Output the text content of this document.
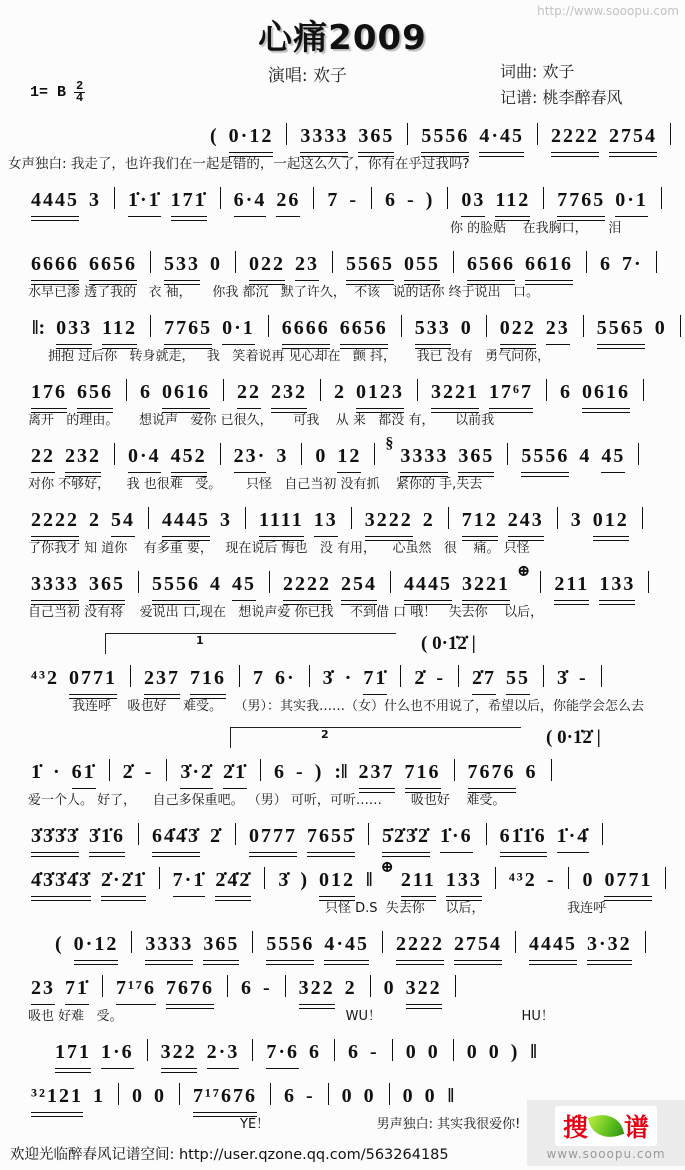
http://www.sooopu.com
心痛2009
演唱: 欢子	词曲: 欢子
记谱: 桃李醉春风
1= B $\frac{2}{4}$
( 0·12 3333 365 5556 4·45 2222 2754
女声独白: 我走了，也许我们在一起是错的，一起这么久了，你有在乎过我吗?
4445 3 1̇·1̇ 171̇ 6·4 26 7 - 6 - ) 03 112 7765 0·1
你 的脸贴    在我胸口，     泪
6666 6656 533 0 022 23 5565 055 6566 6616 6 7·
水早已渗 透了我的   衣 袖，     你我 都沉   默了许久，  不该   说的话你 终于说出   口。
‖: 033 112 7765 0·1 6666 6656 533 0 022 23 5565 0
拥抱 过后你   转身就走，   我   笑着说再 见心却在   颤 抖，     我已 没有   勇气问你，
176 656 6 0616 22 232 2 0123 3221 17⁶7 6 0616
离开   的理由。     想说声   爱你 已很久，     可我    从 来   都没 有，     以前我
22 232 0·4 452 23· 3 0 12§3333 365 5556 4 45
对你 不够好，    我 也很难   受。      只怪   自己当初 没有抓    紧你的 手,失去
2222 2 54 4445 3 1111 13 3222 2 712 243 3 012
了你我才 知 道你    有多重 要，   现在说后 悔也   没 有用，    心虽然   很    痛。 只怪
3333 365 5556 4 45 2222 254 4445 3221⊕211 133
自己当初 没有将    爱说出 口,现在   想说声爱 你已找    不到借 口 哦！   失去你    以后，
1	( 0·1̇2̇ |
⁴³2 0771 237 716 7 6· 3̇ · 71̇ 2̇ - 2̇7 55 3̇ -
我连呼    吸也好    难受。   （男）：其实我……（女）什么也不用说了，希望以后，你能学会怎么去
2	( 0·1̇2̇ |
1̇ · 61̇ 2̇ - 3̇·2̇ 2̇1̇ 6 - ) :‖ 237 716 7676 6
爱一个人。 好了，    自己多保重吧。 （男） 可听，可听……       吸也好    难受。
3̇3̇3̇3̇ 3̇1̇6 64̇4̇3̇ 2̇ 0777 7655̇ 5̇2̇3̇2̇ 1̇·6 61̇1̇6 1̇·4̇
4̇3̇3̇4̇3̇ 2̇·2̇1̇ 7·1̇ 2̇4̇2̇ 3̇ ) 012 ‖⊕211 133 ⁴³2 - 0 0771
只怪 D.S  失去你     以后，                    我连呼
( 0·12 3333 365 5556 4·45 2222 2754 4445 3·32
23 71̇ 7¹⁷6 7676 6 - 322 2 0 322
吸也 好难   受。                                                      WU！                                  HU！
171 1·6 322 2·3 7·6 6 6 - 0 0 0 0 ) ‖
³²121 1 0 0 7¹⁷676 6 - 0 0 0 0 ‖
YE！                          男声独白: 其实我很爱你!
欢迎光临醉春风记谱空间: http://user.qzone.qq.com/563264185
搜 谱
www.sooopu.com
